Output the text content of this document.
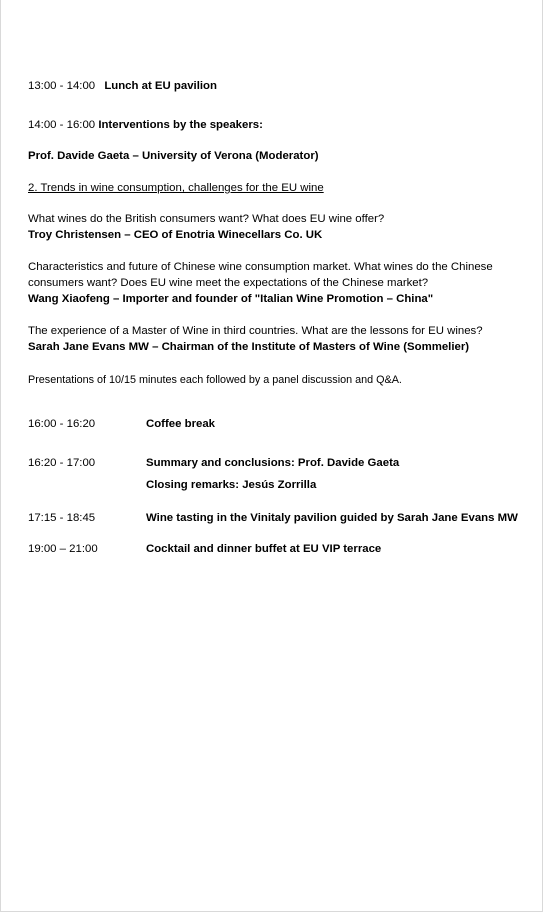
13:00 - 14:00 Lunch at EU pavilion
14:00 - 16:00 Interventions by the speakers:
Prof. Davide Gaeta – University of Verona (Moderator)
2. Trends in wine consumption, challenges for the EU wine
What wines do the British consumers want? What does EU wine offer?
Troy Christensen – CEO of Enotria Winecellars Co. UK
Characteristics and future of Chinese wine consumption market. What wines do the Chinese
consumers want? Does EU wine meet the expectations of the Chinese market?
Wang Xiaofeng – Importer and founder of "Italian Wine Promotion – China"
The experience of a Master of Wine in third countries. What are the lessons for EU wines?
Sarah Jane Evans MW – Chairman of the Institute of Masters of Wine (Sommelier)
Presentations of 10/15 minutes each followed by a panel discussion and Q&A.
16:00 - 16:20	Coffee break
16:20 - 17:00	Summary and conclusions: Prof. Davide Gaeta
Closing remarks: Jesús Zorrilla
17:15 - 18:45	Wine tasting in the Vinitaly pavilion guided by Sarah Jane Evans MW
19:00 – 21:00	Cocktail and dinner buffet at EU VIP terrace
